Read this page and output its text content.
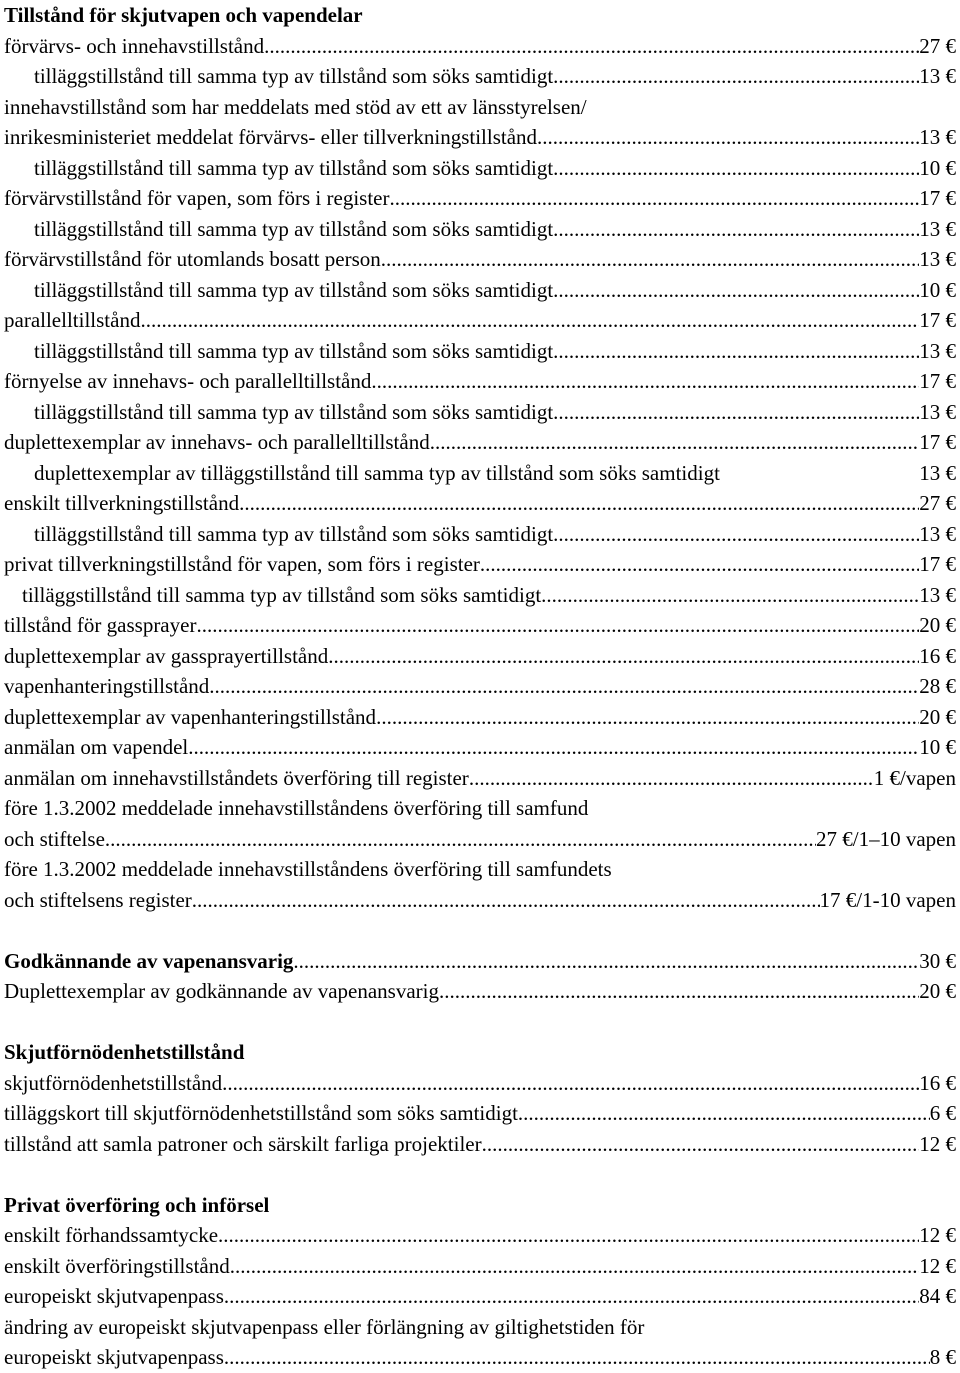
Tillstånd för skjutvapen och vapendelar
förvärvs- och innehavstillstånd .....	27 €
tilläggstillstånd till samma typ av tillstånd som söks samtidigt .....	13 €
innehavstillstånd som har meddelats med stöd av ett av länsstyrelsen/
inrikesministeriet meddelat förvärvs- eller tillverkningstillstånd .....	13 €
tilläggstillstånd till samma typ av tillstånd som söks samtidigt .....	10 €
förvärvstillstånd för vapen, som förs i register .....	17 €
tilläggstillstånd till samma typ av tillstånd som söks samtidigt .....	13 €
förvärvstillstånd för utomlands bosatt person .....	13 €
tilläggstillstånd till samma typ av tillstånd som söks samtidigt .....	10 €
parallelltillstånd .....	17 €
tilläggstillstånd till samma typ av tillstånd som söks samtidigt .....	13 €
förnyelse av innehavs- och parallelltillstånd .....	17 €
tilläggstillstånd till samma typ av tillstånd som söks samtidigt .....	13 €
duplettexemplar av innehavs- och parallelltillstånd .....	17 €
duplettexemplar av tilläggstillstånd till samma typ av tillstånd som söks samtidigt	13 €
enskilt tillverkningstillstånd .....	27 €
tilläggstillstånd till samma typ av tillstånd som söks samtidigt .....	13 €
privat tillverkningstillstånd för vapen, som förs i register .....	17 €
tilläggstillstånd till samma typ av tillstånd som söks samtidigt .....	13 €
tillstånd för gassprayer .....	20 €
duplettexemplar av gassprayertillstånd .....	16 €
vapenhanteringstillstånd .....	28 €
duplettexemplar av vapenhanteringstillstånd .....	20 €
anmälan om vapendel .....	10 €
anmälan om innehavstillståndets överföring till register .....	1 €/vapen
före 1.3.2002 meddelade innehavstillståndens överföring till samfund
och stiftelse .....	27 €/1–10 vapen
före 1.3.2002 meddelade innehavstillståndens överföring till samfundets
och stiftelsens register .....	17 €/1-10 vapen
Godkännande av vapenansvarig .....	30 €
Duplettexemplar av godkännande av vapenansvarig .....	20 €
Skjutförnödenhetstillstånd
skjutförnödenhetstillstånd .....	16 €
tilläggskort till skjutförnödenhetstillstånd som söks samtidigt .....	6 €
tillstånd att samla patroner och särskilt farliga projektiler .....	12 €
Privat överföring och införsel
enskilt förhandssamtycke .....	12 €
enskilt överföringstillstånd .....	12 €
europeiskt skjutvapenpass .....	84 €
ändring av europeiskt skjutvapenpass eller förlängning av giltighetstiden för
europeiskt skjutvapenpass .....	8 €
